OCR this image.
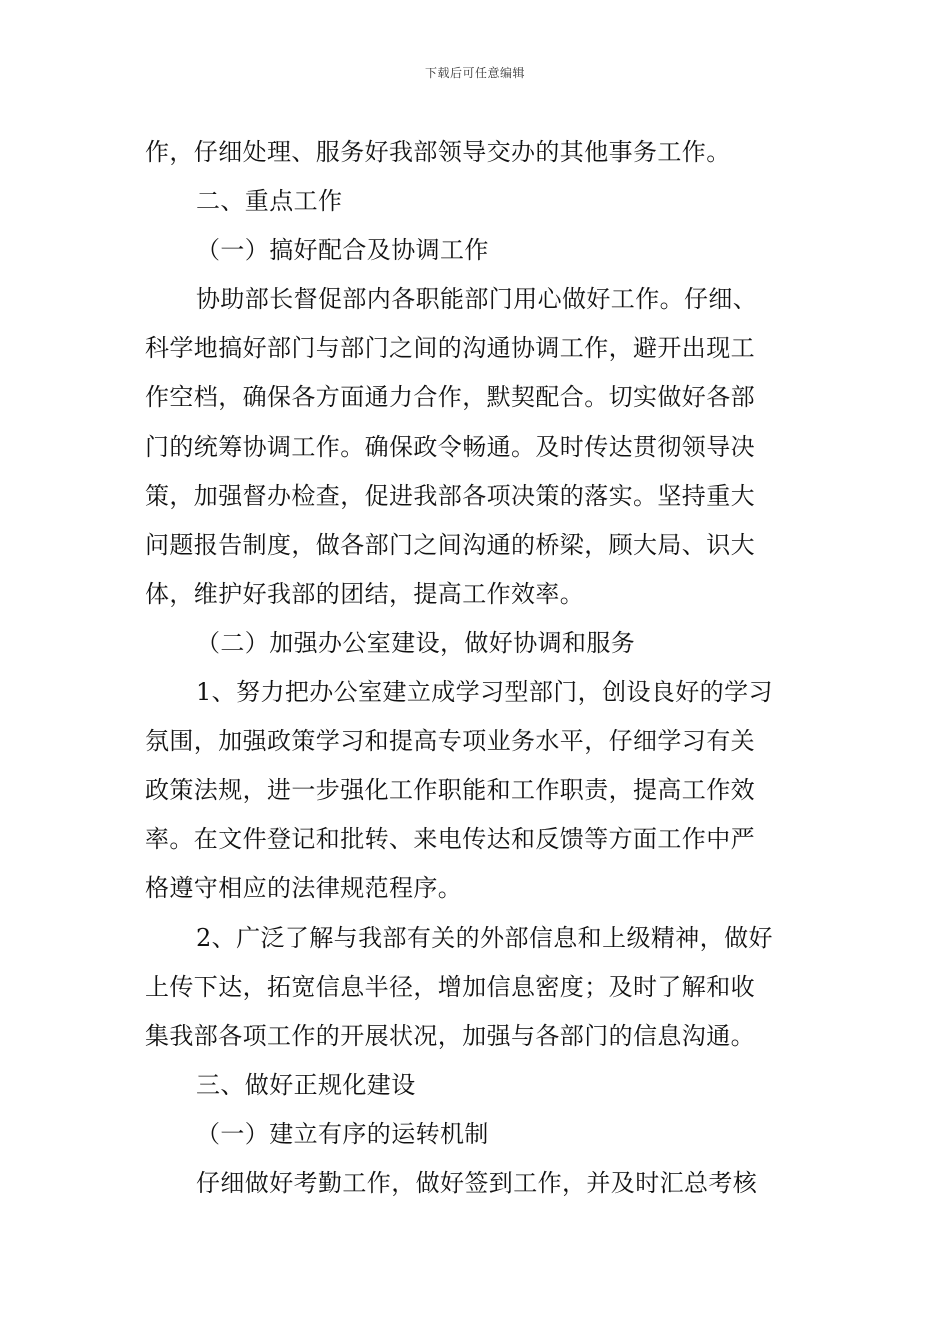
下载后可任意编辑
作，仔细处理、服务好我部领导交办的其他事务工作。
二、重点工作
（一）搞好配合及协调工作
协助部长督促部内各职能部门用心做好工作。仔细、
科学地搞好部门与部门之间的沟通协调工作，避开出现工
作空档，确保各方面通力合作，默契配合。切实做好各部
门的统筹协调工作。确保政令畅通。及时传达贯彻领导决
策，加强督办检查，促进我部各项决策的落实。坚持重大
问题报告制度，做各部门之间沟通的桥梁，顾大局、识大
体，维护好我部的团结，提高工作效率。
（二）加强办公室建设，做好协调和服务
1、努力把办公室建立成学习型部门，创设良好的学习
氛围，加强政策学习和提高专项业务水平，仔细学习有关
政策法规，进一步强化工作职能和工作职责，提高工作效
率。在文件登记和批转、来电传达和反馈等方面工作中严
格遵守相应的法律规范程序。
2、广泛了解与我部有关的外部信息和上级精神，做好
上传下达，拓宽信息半径，增加信息密度；及时了解和收
集我部各项工作的开展状况，加强与各部门的信息沟通。
三、做好正规化建设
（一）建立有序的运转机制
仔细做好考勤工作，做好签到工作，并及时汇总考核
